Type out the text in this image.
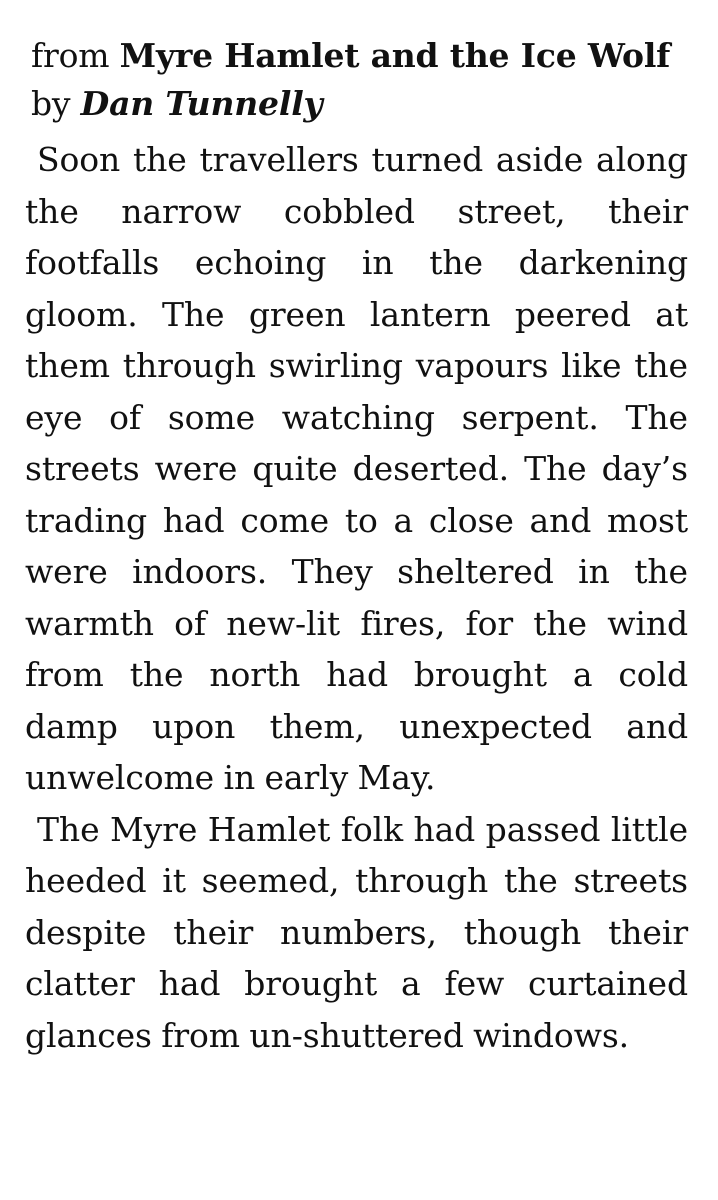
from Myre Hamlet and the Ice Wolf
by Dan Tunnelly

Soon the travellers turned aside along the narrow cobbled street, their footfalls echoing in the darkening gloom. The green lantern peered at them through swirling vapours like the eye of some watching serpent. The streets were quite deserted. The day’s trading had come to a close and most were indoors. They sheltered in the warmth of new-lit fires, for the wind from the north had brought a cold damp upon them, unexpected and unwelcome in early May.

The Myre Hamlet folk had passed little heeded it seemed, through the streets despite their numbers, though their clatter had brought a few curtained glances from un-shuttered windows.
